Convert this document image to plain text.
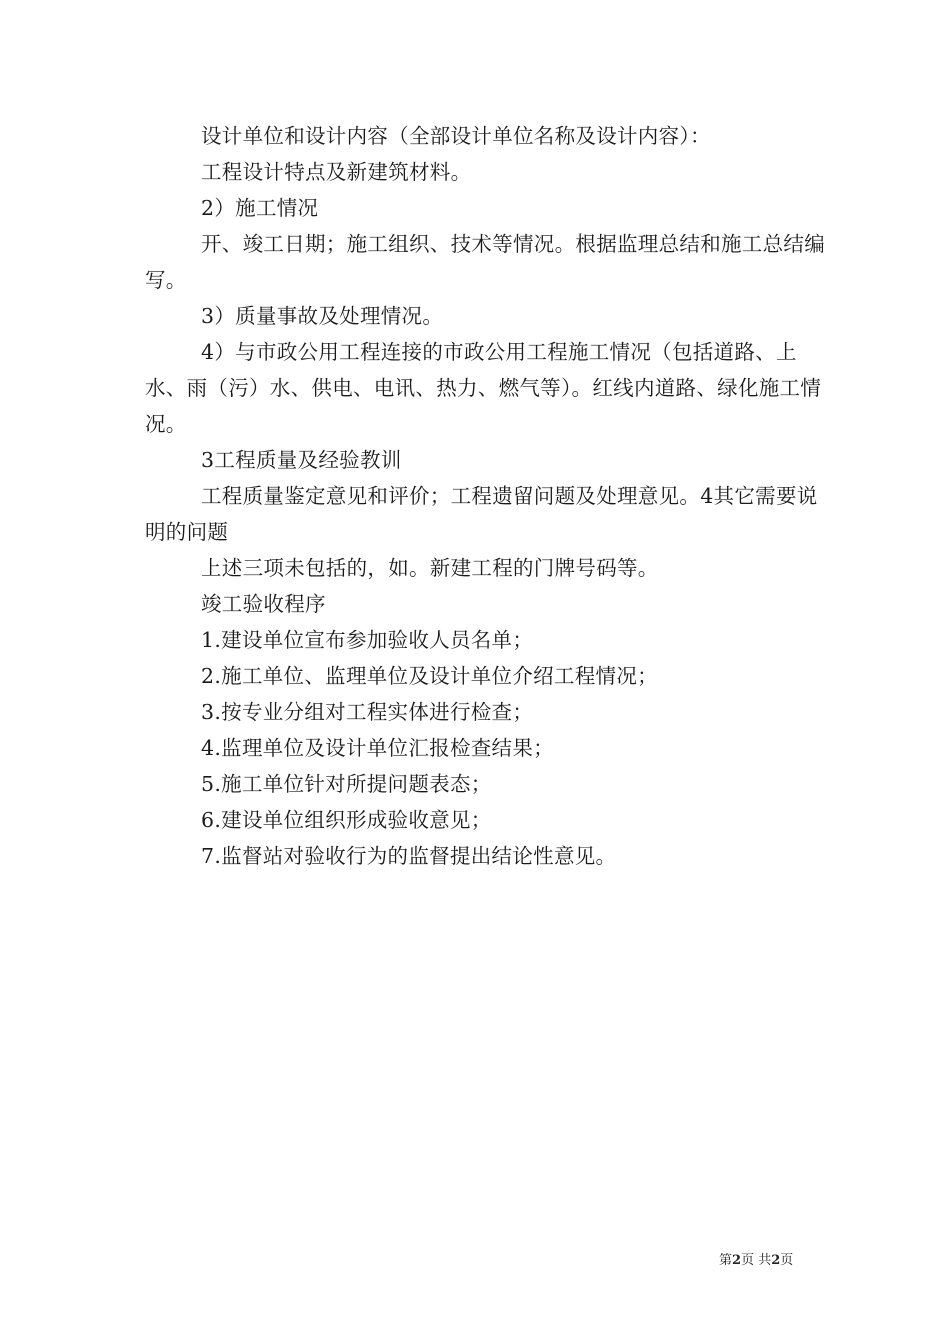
设计单位和设计内容（全部设计单位名称及设计内容）：

工程设计特点及新建筑材料。

2）施工情况

开、竣工日期；施工组织、技术等情况。根据监理总结和施工总结编写。

3）质量事故及处理情况。

4）与市政公用工程连接的市政公用工程施工情况（包括道路、上水、雨（污）水、供电、电讯、热力、燃气等）。红线内道路、绿化施工情况。

3工程质量及经验教训

工程质量鉴定意见和评价；工程遗留问题及处理意见。4其它需要说明的问题

上述三项未包括的，如。新建工程的门牌号码等。

竣工验收程序

1.建设单位宣布参加验收人员名单；

2.施工单位、监理单位及设计单位介绍工程情况；

3.按专业分组对工程实体进行检查；

4.监理单位及设计单位汇报检查结果；

5.施工单位针对所提问题表态；

6.建设单位组织形成验收意见；

7.监督站对验收行为的监督提出结论性意见。

第2页 共2页
